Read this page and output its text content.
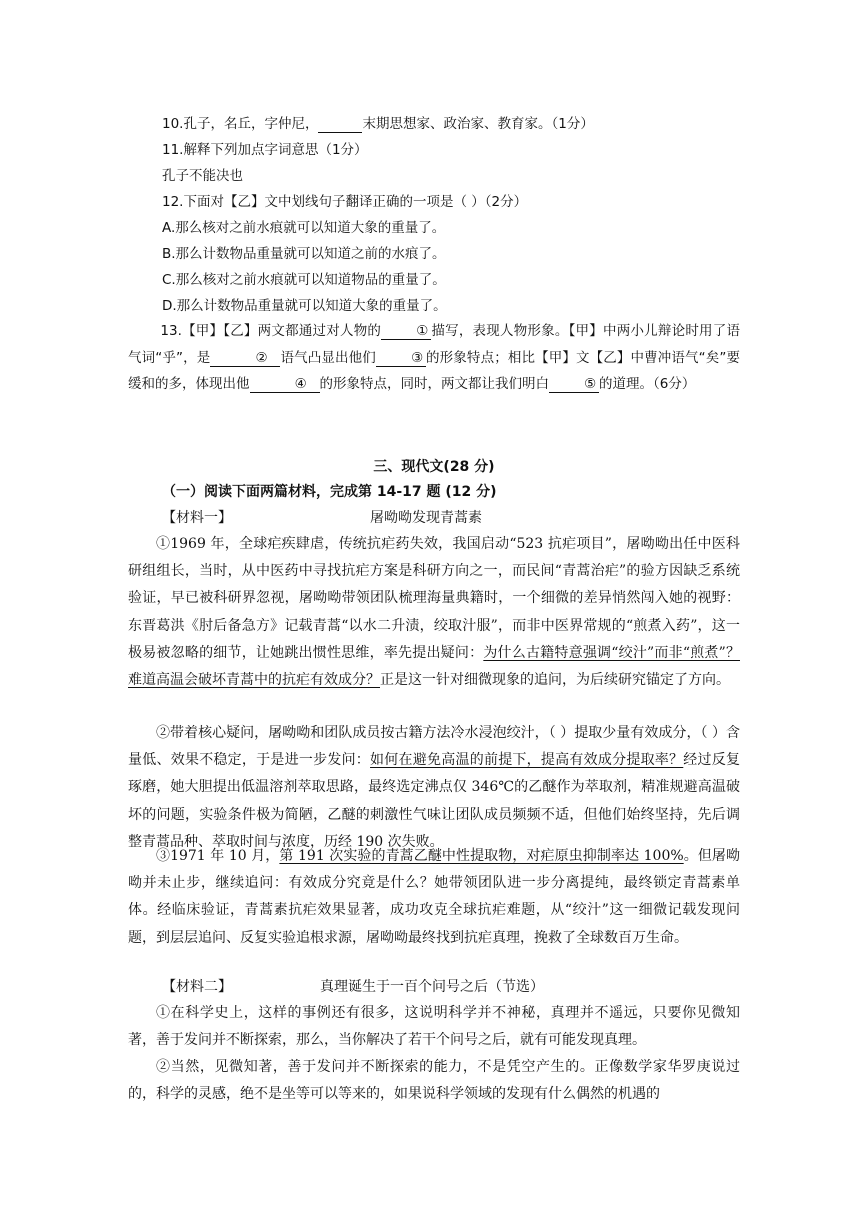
10.孔子，名丘，字仲尼，	末期思想家、政治家、教育家。（1分）
11.解释下列加点字词意思（1分）
孔子不能决也
12.下面对【乙】文中划线句子翻译正确的一项是（ ）（2分）
A.那么核对之前水痕就可以知道大象的重量了。
B.那么计数物品重量就可以知道之前的水痕了。
C.那么核对之前水痕就可以知道物品的重量了。
D.那么计数物品重量就可以知道大象的重量了。
13.【甲】【乙】两文都通过对人物的	① 描写，表现人物形象。【甲】中两小儿辩论时用了语气词“乎”，是	② 语气凸显出他们	③ 的形象特点；相比【甲】文【乙】中曹冲语气“矣”要缓和的多，体现出他	④ 的形象特点，同时，两文都让我们明白	⑤ 的道理。（6分）
三、现代文(28 分)
（一）阅读下面两篇材料，完成第 14-17 题 (12 分)
【材料一】	屠呦呦发现青蒿素
①1969 年，全球疟疾肆虐，传统抗疟药失效，我国启动“523 抗疟项目”，屠呦呦出任中医科研组组长，当时，从中医药中寻找抗疟方案是科研方向之一，而民间“青蒿治疟”的验方因缺乏系统验证，早已被科研界忽视，屠呦呦带领团队梳理海量典籍时，一个细微的差异悄然闯入她的视野：东晋葛洪《肘后备急方》记载青蒿“以水二升渍，绞取汁服”，而非中医界常规的“煎煮入药”，这一极易被忽略的细节，让她跳出惯性思维，率先提出疑问：为什么古籍特意强调“绞汁”而非“煎煮”？难道高温会破坏青蒿中的抗疟有效成分？正是这一针对细微现象的追问，为后续研究锚定了方向。
②带着核心疑问，屠呦呦和团队成员按古籍方法冷水浸泡绞汁，（ ）提取少量有效成分，（ ）含量低、效果不稳定，于是进一步发问：如何在避免高温的前提下，提高有效成分提取率？经过反复琢磨，她大胆提出低温溶剂萃取思路，最终选定沸点仅 346℃的乙醚作为萃取剂，精准规避高温破坏的问题，实验条件极为简陋，乙醚的刺激性气味让团队成员频频不适，但他们始终坚持，先后调整青蒿品种、萃取时间与浓度，历经 190 次失败。
③1971 年 10 月，第 191 次实验的青蒿乙醚中性提取物，对疟原虫抑制率达 100%。但屠呦呦并未止步，继续追问：有效成分究竟是什么？她带领团队进一步分离提纯，最终锁定青蒿素单体。经临床验证，青蒿素抗疟效果显著，成功攻克全球抗疟难题，从“绞汁”这一细微记载发现问题，到层层追问、反复实验追根求源，屠呦呦最终找到抗疟真理，挽救了全球数百万生命。
【材料二】	真理诞生于一百个问号之后（节选）
①在科学史上，这样的事例还有很多，这说明科学并不神秘，真理并不遥远，只要你见微知著，善于发问并不断探索，那么，当你解决了若干个问号之后，就有可能发现真理。
②当然，见微知著，善于发问并不断探索的能力，不是凭空产生的。正像数学家华罗庚说过的，科学的灵感，绝不是坐等可以等来的，如果说科学领域的发现有什么偶然的机遇的
